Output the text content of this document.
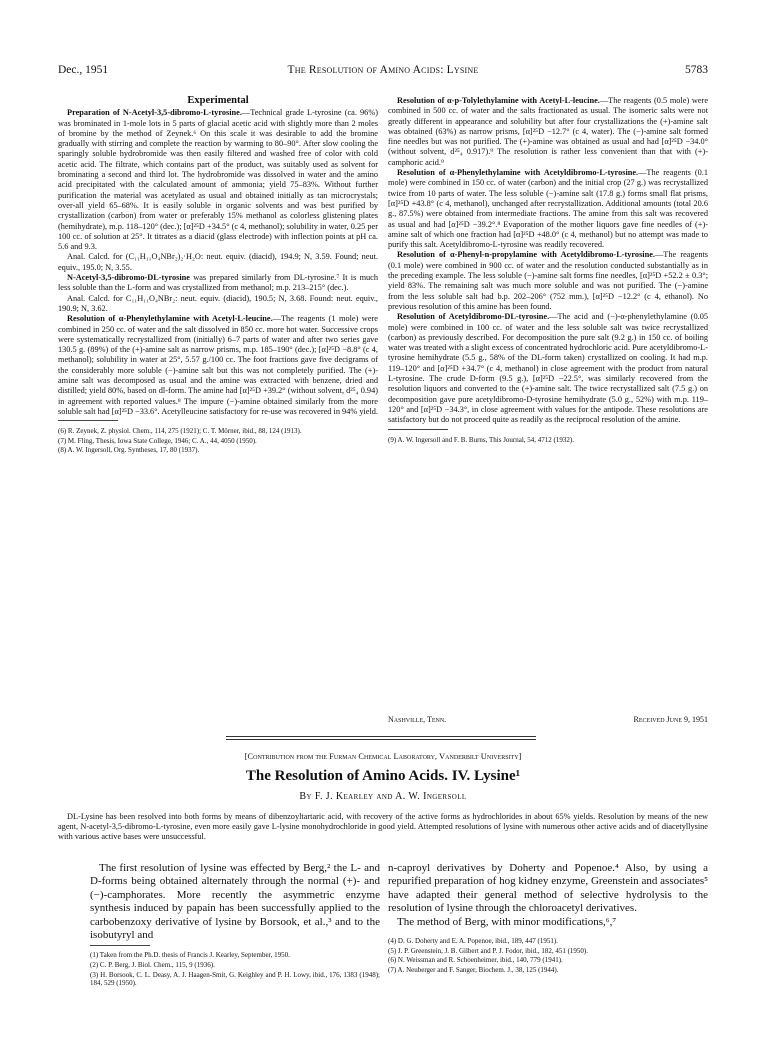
Dec., 1951	The Resolution of Amino Acids: Lysine	5783

Experimental

Preparation of N-Acetyl-3,5-dibromo-L-tyrosine.—Technical grade L-tyrosine (ca. 96%) was brominated in 1-mole lots in 5 parts of glacial acetic acid with slightly more than 2 moles of bromine by the method of Zeynek.⁶ On this scale it was desirable to add the bromine gradually with stirring and complete the reaction by warming to 80–90°. After slow cooling the sparingly soluble hydrobromide was then easily filtered and washed free of color with cold acetic acid. The filtrate, which contains part of the product, was suitably used as solvent for brominating a second and third lot. The hydrobromide was dissolved in water and the amino acid precipitated with the calculated amount of ammonia; yield 75–83%. Without further purification the material was acetylated as usual and obtained initially as tan microcrystals; over-all yield 65–68%. It is easily soluble in organic solvents and was best purified by crystallization (carbon) from water or preferably 15% methanol as colorless glistening plates (hemihydrate), m.p. 118–120° (dec.); [α]²⁵D +34.5° (c 4, methanol); solubility in water, 0.25 per 100 cc. of solution at 25°. It titrates as a diacid (glass electrode) with inflection points at pH ca. 5.6 and 9.3.

Anal. Calcd. for (C₁₁H₁₁O₄NBr₂)₂·H₂O: neut. equiv. (diacid), 194.9; N, 3.59. Found; neut. equiv., 195.0; N, 3.55.

N-Acetyl-3,5-dibromo-DL-tyrosine was prepared similarly from DL-tyrosine.⁷ It is much less soluble than the L-form and was crystallized from methanol; m.p. 213–215° (dec.).

Anal. Calcd. for C₁₁H₁₁O₄NBr₂: neut. equiv. (diacid), 190.5; N, 3.68. Found: neut. equiv., 190.9; N, 3.62.

Resolution of α-Phenylethylamine with Acetyl-L-leucine.—The reagents (1 mole) were combined in 250 cc. of water and the salt dissolved in 850 cc. more hot water. Successive crops were systematically recrystallized from (initially) 6–7 parts of water and after two series gave 130.5 g. (89%) of the (+)-amine salt as narrow prisms, m.p. 185–190° (dec.); [α]²⁵D −8.8° (c 4, methanol); solubility in water at 25°, 5.57 g./100 cc. The foot fractions gave five decigrams of the considerably more soluble (−)-amine salt but this was not completely purified. The (+)-amine salt was decomposed as usual and the amine was extracted with benzene, dried and distilled; yield 80%, based on dl-form. The amine had [α]²⁵D +39.2° (without solvent, d²⁵₄ 0.94) in agreement with reported values.⁸ The impure (−)-amine obtained similarly from the more soluble salt had [α]²⁵D −33.6°. Acetylleucine satisfactory for re-use was recovered in 94% yield.

(6) R. Zeynek, Z. physiol. Chem., 114, 275 (1921); C. T. Mörner, ibid., 88, 124 (1913).

(7) M. Fling, Thesis, Iowa State College, 1946; C. A., 44, 4050 (1950).

(8) A. W. Ingersoll, Org. Syntheses, 17, 80 (1937).

Resolution of α-p-Tolylethylamine with Acetyl-L-leucine.—The reagents (0.5 mole) were combined in 500 cc. of water and the salts fractionated as usual. The isomeric salts were not greatly different in appearance and solubility but after four crystallizations the (+)-amine salt was obtained (63%) as narrow prisms, [α]²⁵D −12.7° (c 4, water). The (−)-amine salt formed fine needles but was not purified. The (+)-amine was obtained as usual and had [α]²⁵D −34.0° (without solvent, d²⁵₄ 0.917).⁹ The resolution is rather less convenient than that with (+)-camphoric acid.⁹

Resolution of α-Phenylethylamine with Acetyldibromo-L-tyrosine.—The reagents (0.1 mole) were combined in 150 cc. of water (carbon) and the initial crop (27 g.) was recrystallized twice from 10 parts of water. The less soluble (−)-amine salt (17.8 g.) forms small flat prisms, [α]²⁵D +43.8° (c 4, methanol), unchanged after recrystallization. Additional amounts (total 20.6 g., 87.5%) were obtained from intermediate fractions. The amine from this salt was recovered as usual and had [α]²⁵D −39.2°.⁸ Evaporation of the mother liquors gave fine needles of (+)-amine salt of which one fraction had [α]²⁵D +48.0° (c 4, methanol) but no attempt was made to purify this salt. Acetyldibromo-L-tyrosine was readily recovered.

Resolution of α-Phenyl-n-propylamine with Acetyldibromo-L-tyrosine.—The reagents (0.1 mole) were combined in 900 cc. of water and the resolution conducted substantially as in the preceding example. The less soluble (−)-amine salt forms fine needles, [α]²⁵D +52.2 ± 0.3°; yield 83%. The remaining salt was much more soluble and was not purified. The (−)-amine from the less soluble salt had b.p. 202–206° (752 mm.), [α]²⁵D −12.2° (c 4, ethanol). No previous resolution of this amine has been found.

Resolution of Acetyldibromo-DL-tyrosine.—The acid and (−)-α-phenylethylamine (0.05 mole) were combined in 100 cc. of water and the less soluble salt was twice recrystallized (carbon) as previously described. For decomposition the pure salt (9.2 g.) in 150 cc. of boiling water was treated with a slight excess of concentrated hydrochloric acid. Pure acetyldibromo-L-tyrosine hemihydrate (5.5 g., 58% of the DL-form taken) crystallized on cooling. It had m.p. 119–120° and [α]²⁵D +34.7° (c 4, methanol) in close agreement with the product from natural L-tyrosine. The crude D-form (9.5 g.), [α]²⁵D −22.5°, was similarly recovered from the resolution liquors and converted to the (+)-amine salt. The twice recrystallized salt (7.5 g.) on decomposition gave pure acetyldibromo-D-tyrosine hemihydrate (5.0 g., 52%) with m.p. 119–120° and [α]²⁵D −34.3°, in close agreement with values for the antipode. These resolutions are satisfactory but do not proceed quite as readily as the reciprocal resolution of the amine.

(9) A. W. Ingersoll and F. B. Burns, This Journal, 54, 4712 (1932).

Nashville, Tenn.	Received June 9, 1951
[Contribution from the Furman Chemical Laboratory, Vanderbilt University]
The Resolution of Amino Acids. IV. Lysine¹
By F. J. Kearley and A. W. Ingersoll

DL-Lysine has been resolved into both forms by means of dibenzoyltartaric acid, with recovery of the active forms as hydrochlorides in about 65% yields. Resolution by means of the new agent, N-acetyl-3,5-dibromo-L-tyrosine, even more easily gave L-lysine monohydrochloride in good yield. Attempted resolutions of lysine with numerous other active acids and of diacetyllysine with various active bases were unsuccessful.

The first resolution of lysine was effected by Berg,² the L- and D-forms being obtained alternately through the normal (+)- and (−)-camphorates. More recently the asymmetric enzyme synthesis induced by papain has been successfully applied to the carbobenzoxy derivative of lysine by Borsook, et al.,³ and to the isobutyryl and

(1) Taken from the Ph.D. thesis of Francis J. Kearley, September, 1950.

(2) C. P. Berg, J. Biol. Chem., 115, 9 (1936).

(3) H. Borsook, C. L. Deasy, A. J. Haagen-Smit, G. Keighley and P. H. Lowy, ibid., 176, 1383 (1948); 184, 529 (1950).

n-caproyl derivatives by Doherty and Popenoe.⁴ Also, by using a repurified preparation of hog kidney enzyme, Greenstein and associates⁵ have adapted their general method of selective hydrolysis to the resolution of lysine through the chloroacetyl derivatives.

The method of Berg, with minor modifications,⁶,⁷

(4) D. G. Doherty and E. A. Popenoe, ibid., 189, 447 (1951).

(5) J. P. Greenstein, J. B. Gilbert and P. J. Fodor, ibid., 182, 451 (1950).

(6) N. Weissman and R. Schoenheimer, ibid., 140, 779 (1941).

(7) A. Neuberger and F. Sanger, Biochem. J., 38, 125 (1944).
